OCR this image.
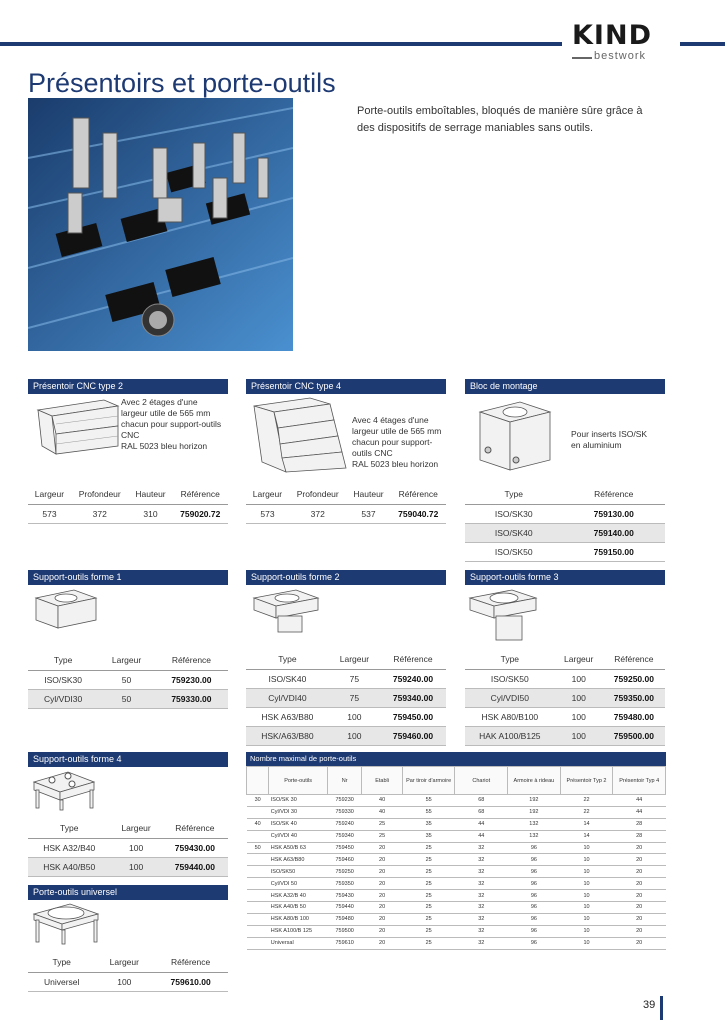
KIND
bestwork
Présentoirs et porte-outils

Porte-outils emboîtables, bloqués de manière sûre grâce à des dispositifs de serrage maniables sans outils.

Présentoir CNC type 2
Avec 2 étages d'une
largeur utile de 565 mm
chacun pour support-outils
CNC
RAL 5023 bleu horizon
Largeur	Profondeur	Hauteur	Référence
573	372	310	759020.72
Présentoir CNC type 4
Avec 4 étages d'une
largeur utile de 565 mm
chacun pour support-
outils CNC
RAL 5023 bleu horizon
Largeur	Profondeur	Hauteur	Référence
573	372	537	759040.72
Bloc de montage
Pour inserts ISO/SK
en aluminium
Type	Référence
ISO/SK30	759130.00
ISO/SK40	759140.00
ISO/SK50	759150.00
Support-outils forme 1
Type	Largeur	Référence
ISO/SK30	50	759230.00
Cyl/VDI30	50	759330.00
Support-outils forme 2
Type	Largeur	Référence
ISO/SK40	75	759240.00
Cyl/VDI40	75	759340.00
HSK A63/B80	100	759450.00
HSK/A63/B80	100	759460.00
Support-outils forme 3
Type	Largeur	Référence
ISO/SK50	100	759250.00
Cyl/VDI50	100	759350.00
HSK A80/B100	100	759480.00
HAK A100/B125	100	759500.00
Support-outils forme 4
Type	Largeur	Référence
HSK A32/B40	100	759430.00
HSK A40/B50	100	759440.00
Porte-outils universel
Type	Largeur	Référence
Universel	100	759610.00
Nombre maximal de porte-outils
	Porte-outils	Nr	Etabli	Par tiroir d'armoire	Chariot	Armoire à rideau	Présentoir Typ 2	Présentoir Typ 4
30	ISO/SK 30	759230	40	55	68	192	22	44
	Cyl/VDI 30	759330	40	55	68	192	22	44
40	ISO/SK 40	759240	25	35	44	132	14	28
	Cyl/VDI 40	759340	25	35	44	132	14	28
50	HSK A50/B 63	759450	20	25	32	96	10	20
	HSK A63/B80	759460	20	25	32	96	10	20
	ISO/SK50	759250	20	25	32	96	10	20
	Cyl/VDI 50	759350	20	25	32	96	10	20
	HSK A32/B 40	759430	20	25	32	96	10	20
	HSK A40/B 50	759440	20	25	32	96	10	20
	HSK A80/B 100	759480	20	25	32	96	10	20
	HSK A100/B 125	759500	20	25	32	96	10	20
	Universal	759610	20	25	32	96	10	20
39
